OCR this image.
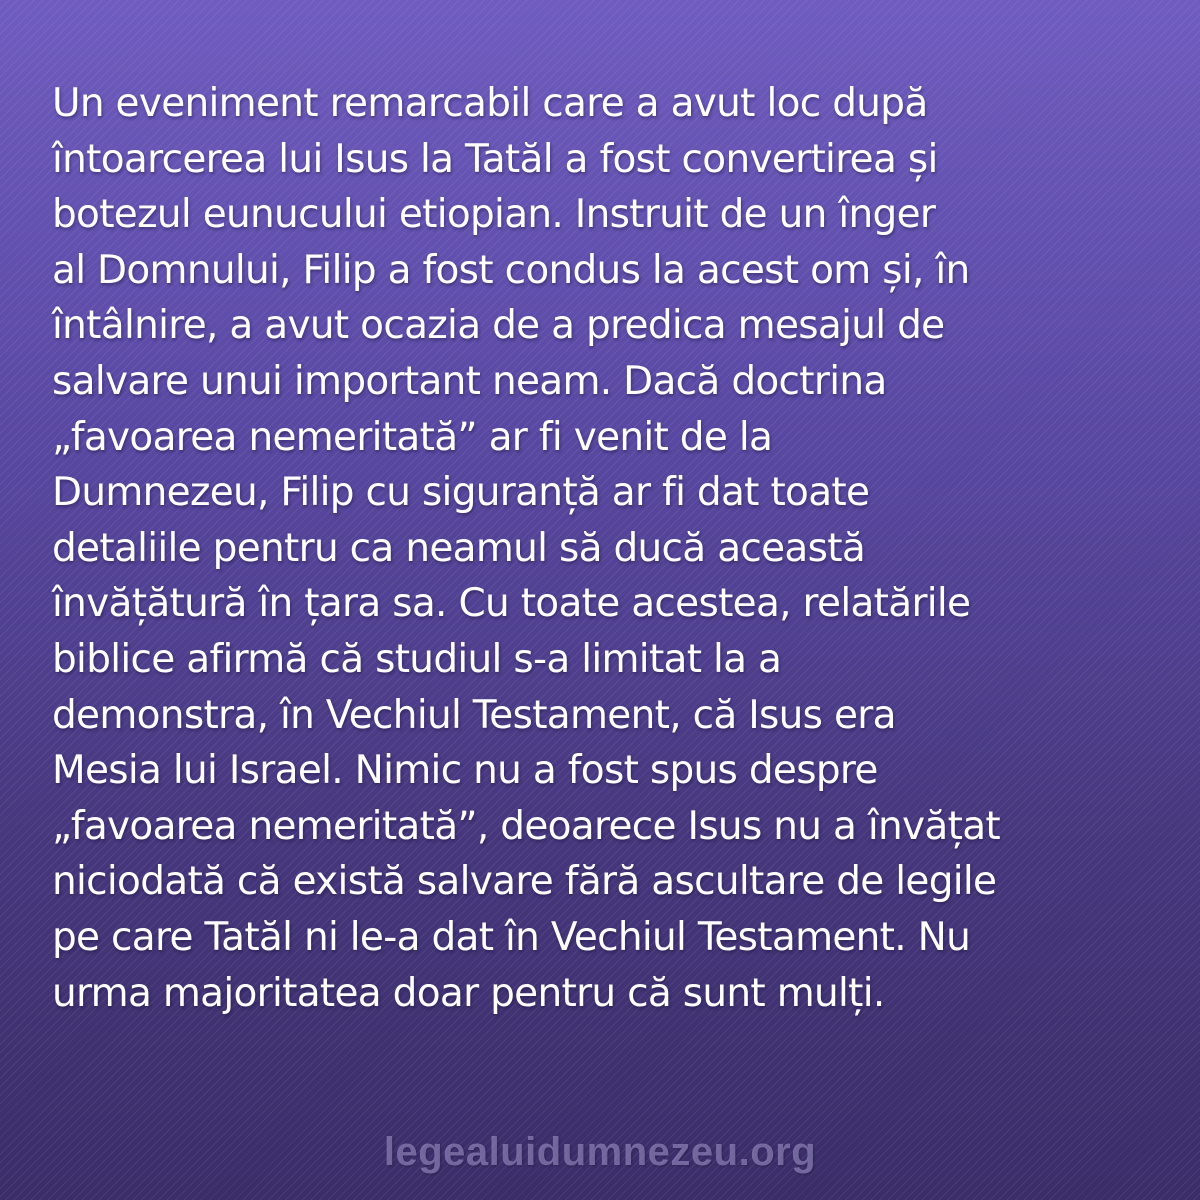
Un eveniment remarcabil care a avut loc după
întoarcerea lui Isus la Tatăl a fost convertirea și
botezul eunucului etiopian. Instruit de un înger
al Domnului, Filip a fost condus la acest om și, în
întâlnire, a avut ocazia de a predica mesajul de
salvare unui important neam. Dacă doctrina
„favoarea nemeritată” ar fi venit de la
Dumnezeu, Filip cu siguranță ar fi dat toate
detaliile pentru ca neamul să ducă această
învățătură în țara sa. Cu toate acestea, relatările
biblice afirmă că studiul s-a limitat la a
demonstra, în Vechiul Testament, că Isus era
Mesia lui Israel. Nimic nu a fost spus despre
„favoarea nemeritată”, deoarece Isus nu a învățat
niciodată că există salvare fără ascultare de legile
pe care Tatăl ni le-a dat în Vechiul Testament. Nu
urma majoritatea doar pentru că sunt mulți.

legealuidumnezeu.org
